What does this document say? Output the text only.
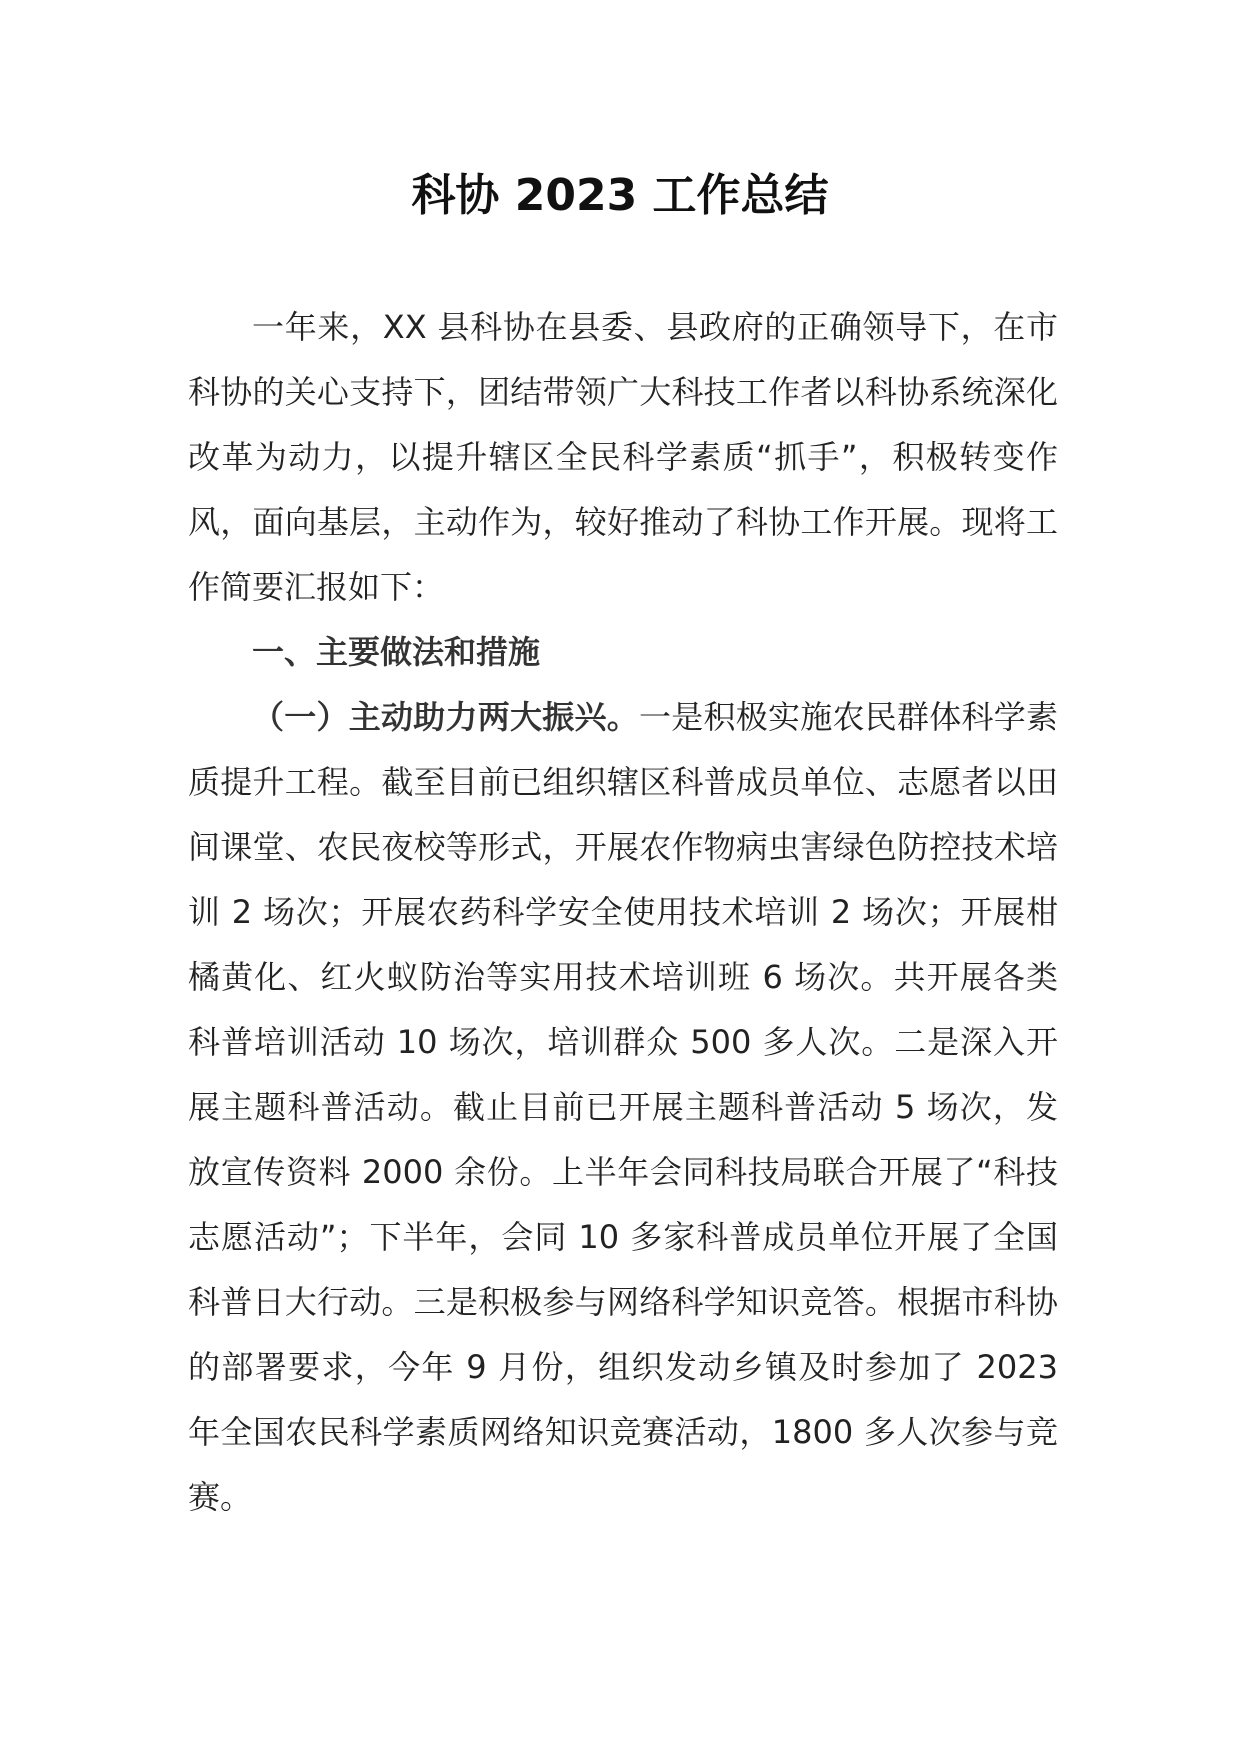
科协 2023 工作总结

一年来，XX 县科协在县委、县政府的正确领导下，在市科协的关心支持下，团结带领广大科技工作者以科协系统深化改革为动力，以提升辖区全民科学素质“抓手”，积极转变作风，面向基层，主动作为，较好推动了科协工作开展。现将工作简要汇报如下：

一、主要做法和措施

（一）主动助力两大振兴。一是积极实施农民群体科学素质提升工程。截至目前已组织辖区科普成员单位、志愿者以田间课堂、农民夜校等形式，开展农作物病虫害绿色防控技术培训 2 场次；开展农药科学安全使用技术培训 2 场次；开展柑橘黄化、红火蚁防治等实用技术培训班 6 场次。共开展各类科普培训活动 10 场次，培训群众 500 多人次。二是深入开展主题科普活动。截止目前已开展主题科普活动 5 场次，发放宣传资料 2000 余份。上半年会同科技局联合开展了“科技志愿活动”；下半年，会同 10 多家科普成员单位开展了全国科普日大行动。三是积极参与网络科学知识竞答。根据市科协的部署要求，今年 9 月份，组织发动乡镇及时参加了 2023 年全国农民科学素质网络知识竞赛活动，1800 多人次参与竞赛。
